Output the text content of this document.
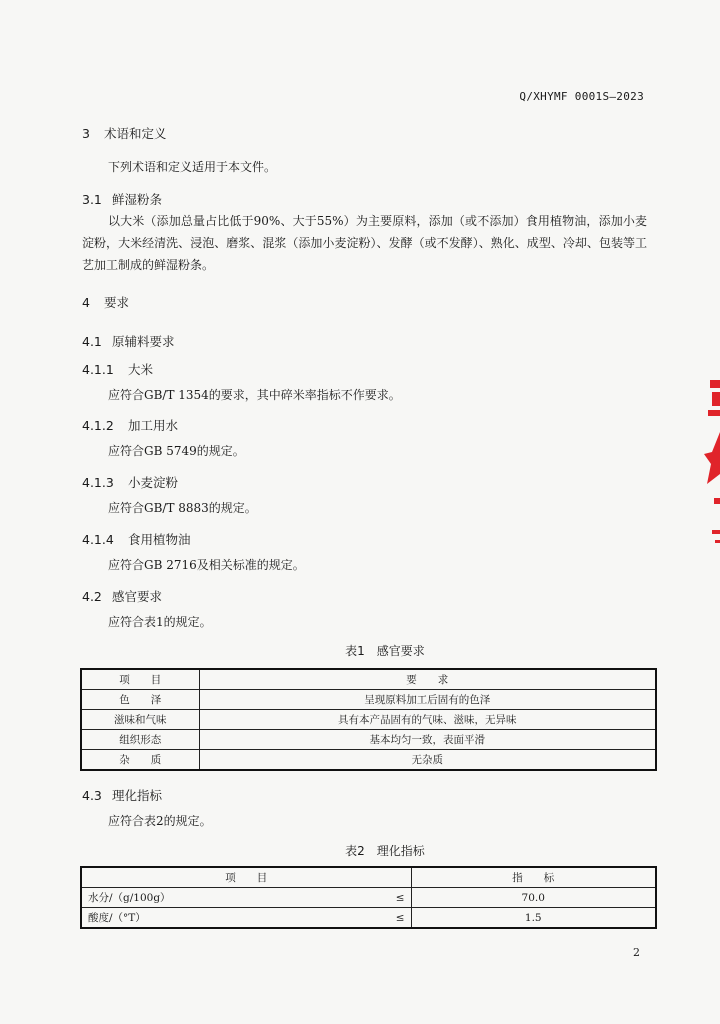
Q/XHYMF 0001S—2023
3 术语和定义
下列术语和定义适用于本文件。
3.1 鲜湿粉条
以大米（添加总量占比低于90%、大于55%）为主要原料，添加（或不添加）食用植物油，添加小麦淀粉，大米经清洗、浸泡、磨浆、混浆（添加小麦淀粉）、发酵（或不发酵）、熟化、成型、冷却、包装等工艺加工制成的鲜湿粉条。
4 要求
4.1 原辅料要求
4.1.1 大米
应符合GB/T 1354的要求，其中碎米率指标不作要求。
4.1.2 加工用水
应符合GB 5749的规定。
4.1.3 小麦淀粉
应符合GB/T 8883的规定。
4.1.4 食用植物油
应符合GB 2716及相关标准的规定。
4.2 感官要求
应符合表1的规定。
表1　感官要求
项　　目	要　　求
色　　泽	呈现原料加工后固有的色泽
滋味和气味	具有本产品固有的气味、滋味，无异味
组织形态	基本均匀一致，表面平滑
杂　　质	无杂质
4.3 理化指标
应符合表2的规定。
表2　理化指标
项　　目		指　　标
水分/（g/100g）	≤	70.0
酸度/（°T）	≤	1.5
2
